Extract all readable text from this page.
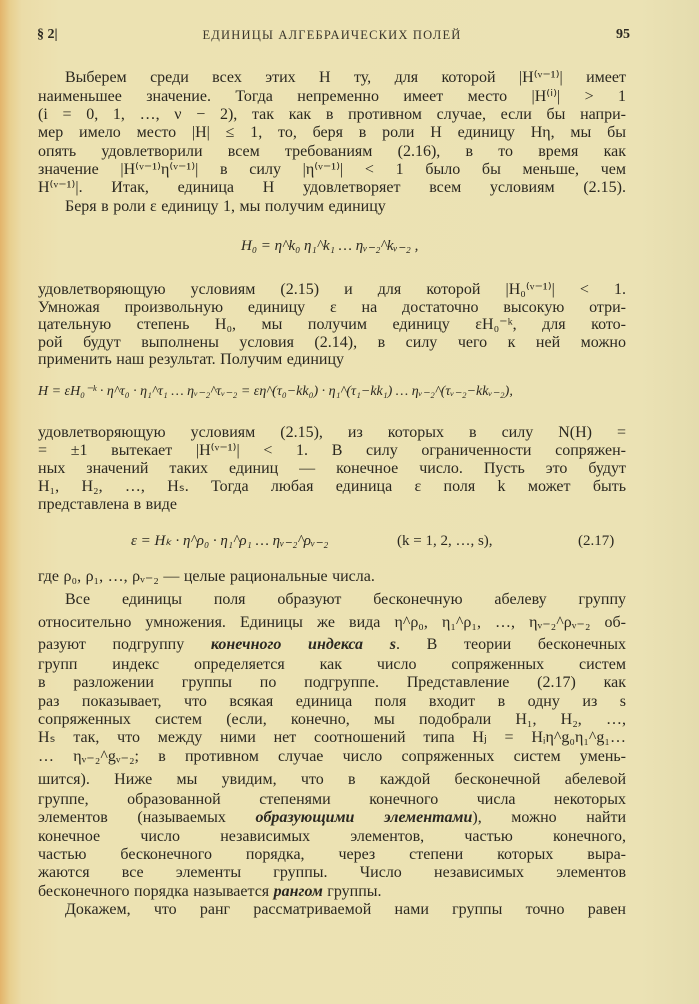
§ 2|	ЕДИНИЦЫ АЛГЕБРАИЧЕСКИХ ПОЛЕЙ	95
Выберем среди всех этих H ту, для которой |H⁽ᵛ⁻¹⁾| имеет
наименьшее значение. Тогда непременно имеет место |H⁽ⁱ⁾| > 1
(i = 0, 1, …, ν − 2), так как в противном случае, если бы напри-
мер имело место |H| ≤ 1, то, беря в роли H единицу Hη, мы бы
опять удовлетворили всем требованиям (2.16), в то время как
значение |H⁽ᵛ⁻¹⁾η⁽ᵛ⁻¹⁾| в силу |η⁽ᵛ⁻¹⁾| < 1 было бы меньше, чем
H⁽ᵛ⁻¹⁾|. Итак, единица H удовлетворяет всем условиям (2.15).
Беря в роли ε единицу 1, мы получим единицу
H₀ = η^k₀ η₁^k₁ … ηᵥ₋₂^kᵥ₋₂ ,
удовлетворяющую условиям (2.15) и для которой |H₀⁽ᵛ⁻¹⁾| < 1.
Умножая произвольную единицу ε на достаточно высокую отри-
цательную степень H₀, мы получим единицу εH₀⁻ᵏ, для кото-
рой будут выполнены условия (2.14), в силу чего к ней можно
применить наш результат. Получим единицу
H = εH₀⁻ᵏ · η^τ₀ · η₁^τ₁ … ηᵥ₋₂^τᵥ₋₂ = εη^(τ₀−kk₀) · η₁^(τ₁−kk₁) … ηᵥ₋₂^(τᵥ₋₂−kkᵥ₋₂),
удовлетворяющую условиям (2.15), из которых в силу N(H) =
= ±1 вытекает |H⁽ᵛ⁻¹⁾| < 1. В силу ограниченности сопряжен-
ных значений таких единиц — конечное число. Пусть это будут
H₁, H₂, …, Hₛ. Тогда любая единица ε поля k может быть
представлена в виде
ε = Hₖ · η^ρ₀ · η₁^ρ₁ … ηᵥ₋₂^ρᵥ₋₂	(k = 1, 2, …, s),	(2.17)
где ρ₀, ρ₁, …, ρᵥ₋₂ — целые рациональные числа.
Все единицы поля образуют бесконечную абелеву группу
относительно умножения. Единицы же вида η^ρ₀, η₁^ρ₁, …, ηᵥ₋₂^ρᵥ₋₂ об-
разуют подгруппу конечного индекса s. В теории бесконечных
групп индекс определяется как число сопряженных систем
в разложении группы по подгруппе. Представление (2.17) как
раз показывает, что всякая единица поля входит в одну из s
сопряженных систем (если, конечно, мы подобрали H₁, H₂, …,
Hₛ так, что между ними нет соотношений типа Hⱼ = Hᵢη^g₀η₁^g₁…
… ηᵥ₋₂^gᵥ₋₂; в противном случае число сопряженных систем умень-
шится). Ниже мы увидим, что в каждой бесконечной абелевой
группе, образованной степенями конечного числа некоторых
элементов (называемых образующими элементами), можно найти
конечное число независимых элементов, частью конечного,
частью бесконечного порядка, через степени которых выра-
жаются все элементы группы. Число независимых элементов
бесконечного порядка называется рангом группы.
Докажем, что ранг рассматриваемой нами группы точно равен
